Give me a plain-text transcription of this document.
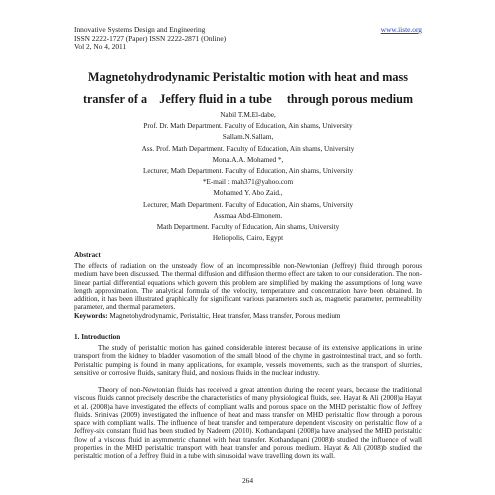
Innovative Systems Design and Engineering
ISSN 2222-1727 (Paper) ISSN 2222-2871 (Online)
Vol 2, No 4, 2011
www.iiste.org
Magnetohydrodynamic Peristaltic motion with heat and mass
transfer of a    Jeffery fluid in a tube     through porous medium
Nabil T.M.El-dabe,
Prof. Dr. Math Department. Faculty of Education, Ain shams, University
Sallam.N.Sallam,
Ass. Prof. Math Department. Faculty of Education, Ain shams, University
Mona.A.A. Mohamed *,
Lecturer, Math Department. Faculty of Education, Ain shams, University
*E-mail : mah371@yahoo.com
Mohamed Y. Abo Zaid.,
Lecturer, Math Department. Faculty of Education, Ain shams, University
Assmaa Abd-Elmonem.
Math Department. Faculty of Education, Ain shams, University
Heliopolis, Cairo, Egypt
Abstract

The effects of radiation on the unsteady flow of an incompressible non-Newtonian (Jeffrey) fluid through porous medium have been discussed. The thermal diffusion and diffusion thermo effect are taken to our consideration. The non-linear partial differential equations which govern this problem are simplified by making the assumptions of long wave length approximation. The analytical formula of the velocity, temperature and concentration have been obtained. In addition, it has been illustrated graphically for significant various parameters such as, magnetic parameter, permeability parameter, and thermal parameters.

Keywords: Magnetohydrodynamic, Peristaltic, Heat transfer, Mass transfer, Porous medium
1. Introduction

The study of peristaltic motion has gained considerable interest because of its extensive applications in urine transport from the kidney to bladder vasomotion of the small blood of the chyme in gastrointestinal tract, and so forth. Peristaltic pumping is found in many applications, for example, vessels movements, such as the transport of slurries, sensitive or corrosive fluids, sanitary fluid, and noxious fluids in the nuclear industry.

Theory of non-Newtonian fluids has received a great attention during the recent years, because the traditional viscous fluids cannot precisely describe the characteristics of many physiological fluids, see. Hayat & Ali (2008)a Hayat et al. (2008)a have investigated the effects of compliant walls and porous space on the MHD peristaltic flow of Jeffrey fluids. Srinivas (2009) investigated the influence of heat and mass transfer on MHD peristaltic flow through a porous space with compliant walls. The influence of heat transfer and temperature dependent viscosity on peristaltic flow of a Jeffrey-six constant fluid has been studied by Nadeem (2010). Kothandapani (2008)a have analysed the MHD peristaltic flow of a viscous fluid in asymmetric channel with heat transfer. Kothandapani (2008)b studied the influence of wall properties in the MHD peristaltic transport with heat transfer and porous medium. Hayat & Ali (2008)b studied the peristaltic motion of a Jeffrey fluid in a tube with sinusoidal wave travelling down its wall.

264
